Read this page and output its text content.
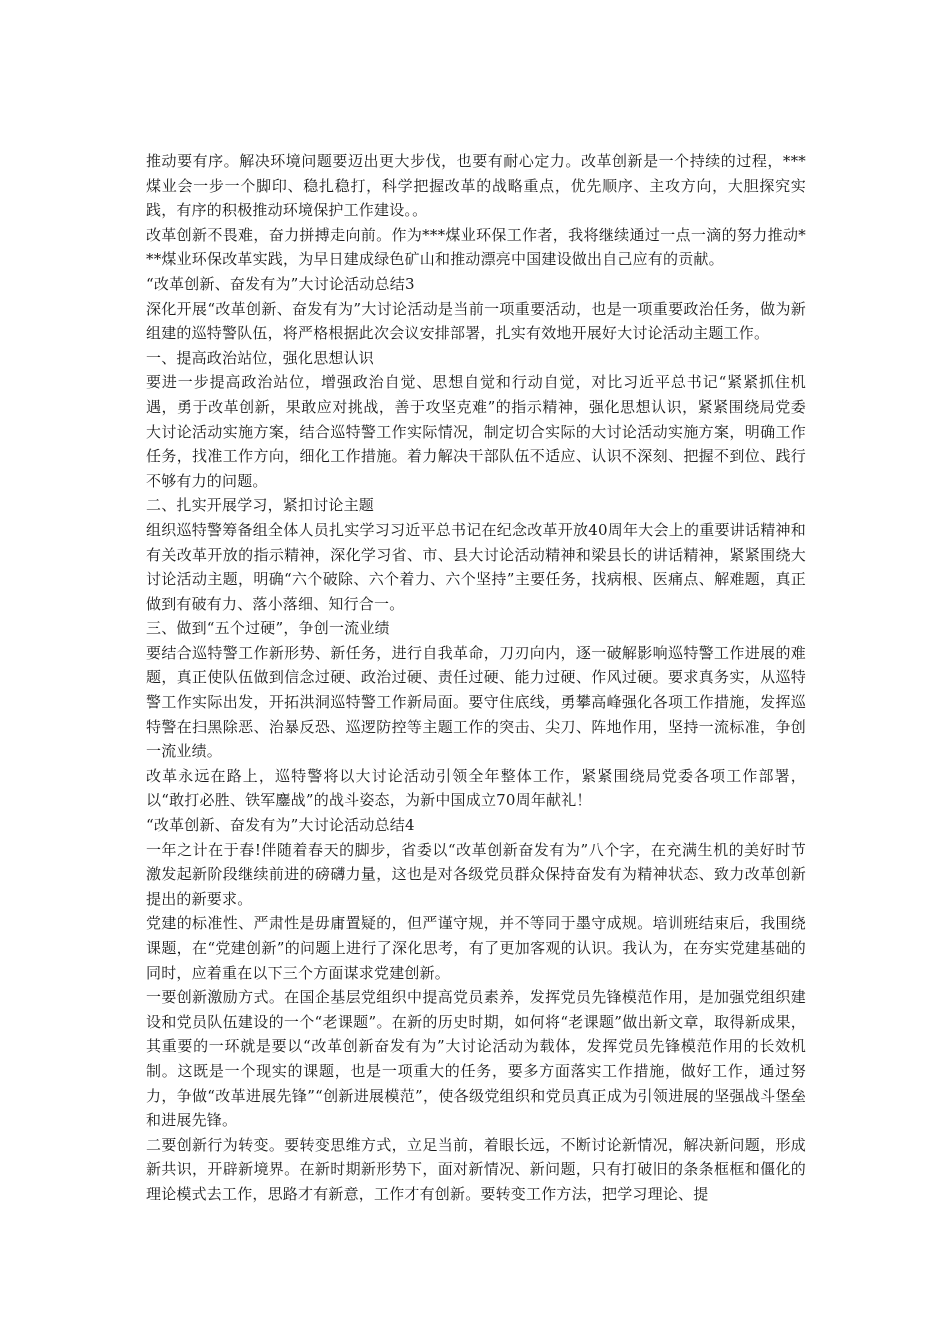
推动要有序。解决环境问题要迈出更大步伐，也要有耐心定力。改革创新是一个持续的过程，***煤业会一步一个脚印、稳扎稳打，科学把握改革的战略重点，优先顺序、主攻方向，大胆探究实践，有序的积极推动环境保护工作建设。。

改革创新不畏难，奋力拼搏走向前。作为***煤业环保工作者，我将继续通过一点一滴的努力推动***煤业环保改革实践，为早日建成绿色矿山和推动漂亮中国建设做出自己应有的贡献。

“改革创新、奋发有为”大讨论活动总结3

深化开展“改革创新、奋发有为”大讨论活动是当前一项重要活动，也是一项重要政治任务，做为新组建的巡特警队伍，将严格根据此次会议安排部署，扎实有效地开展好大讨论活动主题工作。

一、提高政治站位，强化思想认识

要进一步提高政治站位，增强政治自觉、思想自觉和行动自觉，对比习近平总书记“紧紧抓住机遇，勇于改革创新，果敢应对挑战，善于攻坚克难”的指示精神，强化思想认识，紧紧围绕局党委大讨论活动实施方案，结合巡特警工作实际情况，制定切合实际的大讨论活动实施方案，明确工作任务，找准工作方向，细化工作措施。着力解决干部队伍不适应、认识不深刻、把握不到位、践行不够有力的问题。

二、扎实开展学习，紧扣讨论主题

组织巡特警筹备组全体人员扎实学习习近平总书记在纪念改革开放40周年大会上的重要讲话精神和有关改革开放的指示精神，深化学习省、市、县大讨论活动精神和梁县长的讲话精神，紧紧围绕大讨论活动主题，明确“六个破除、六个着力、六个坚持”主要任务，找病根、医痛点、解难题，真正做到有破有力、落小落细、知行合一。

三、做到“五个过硬”，争创一流业绩

要结合巡特警工作新形势、新任务，进行自我革命，刀刃向内，逐一破解影响巡特警工作进展的难题，真正使队伍做到信念过硬、政治过硬、责任过硬、能力过硬、作风过硬。要求真务实，从巡特警工作实际出发，开拓洪洞巡特警工作新局面。要守住底线，勇攀高峰强化各项工作措施，发挥巡特警在扫黑除恶、治暴反恐、巡逻防控等主题工作的突击、尖刀、阵地作用，坚持一流标准，争创一流业绩。

改革永远在路上，巡特警将以大讨论活动引领全年整体工作，紧紧围绕局党委各项工作部署，以“敢打必胜、铁军鏖战”的战斗姿态，为新中国成立70周年献礼！

“改革创新、奋发有为”大讨论活动总结4

一年之计在于春!伴随着春天的脚步，省委以“改革创新奋发有为”八个字，在充满生机的美好时节激发起新阶段继续前进的磅礴力量，这也是对各级党员群众保持奋发有为精神状态、致力改革创新提出的新要求。

党建的标准性、严肃性是毋庸置疑的，但严谨守规，并不等同于墨守成规。培训班结束后，我围绕课题，在“党建创新”的问题上进行了深化思考，有了更加客观的认识。我认为，在夯实党建基础的同时，应着重在以下三个方面谋求党建创新。

一要创新激励方式。在国企基层党组织中提高党员素养，发挥党员先锋模范作用，是加强党组织建设和党员队伍建设的一个“老课题”。在新的历史时期，如何将“老课题”做出新文章，取得新成果，其重要的一环就是要以“改革创新奋发有为”大讨论活动为载体，发挥党员先锋模范作用的长效机制。这既是一个现实的课题，也是一项重大的任务，要多方面落实工作措施，做好工作，通过努力，争做“改革进展先锋”“创新进展模范”，使各级党组织和党员真正成为引领进展的坚强战斗堡垒和进展先锋。

二要创新行为转变。要转变思维方式，立足当前，着眼长远，不断讨论新情况，解决新问题，形成新共识，开辟新境界。在新时期新形势下，面对新情况、新问题，只有打破旧的条条框框和僵化的理论模式去工作，思路才有新意，工作才有创新。要转变工作方法，把学习理论、提
